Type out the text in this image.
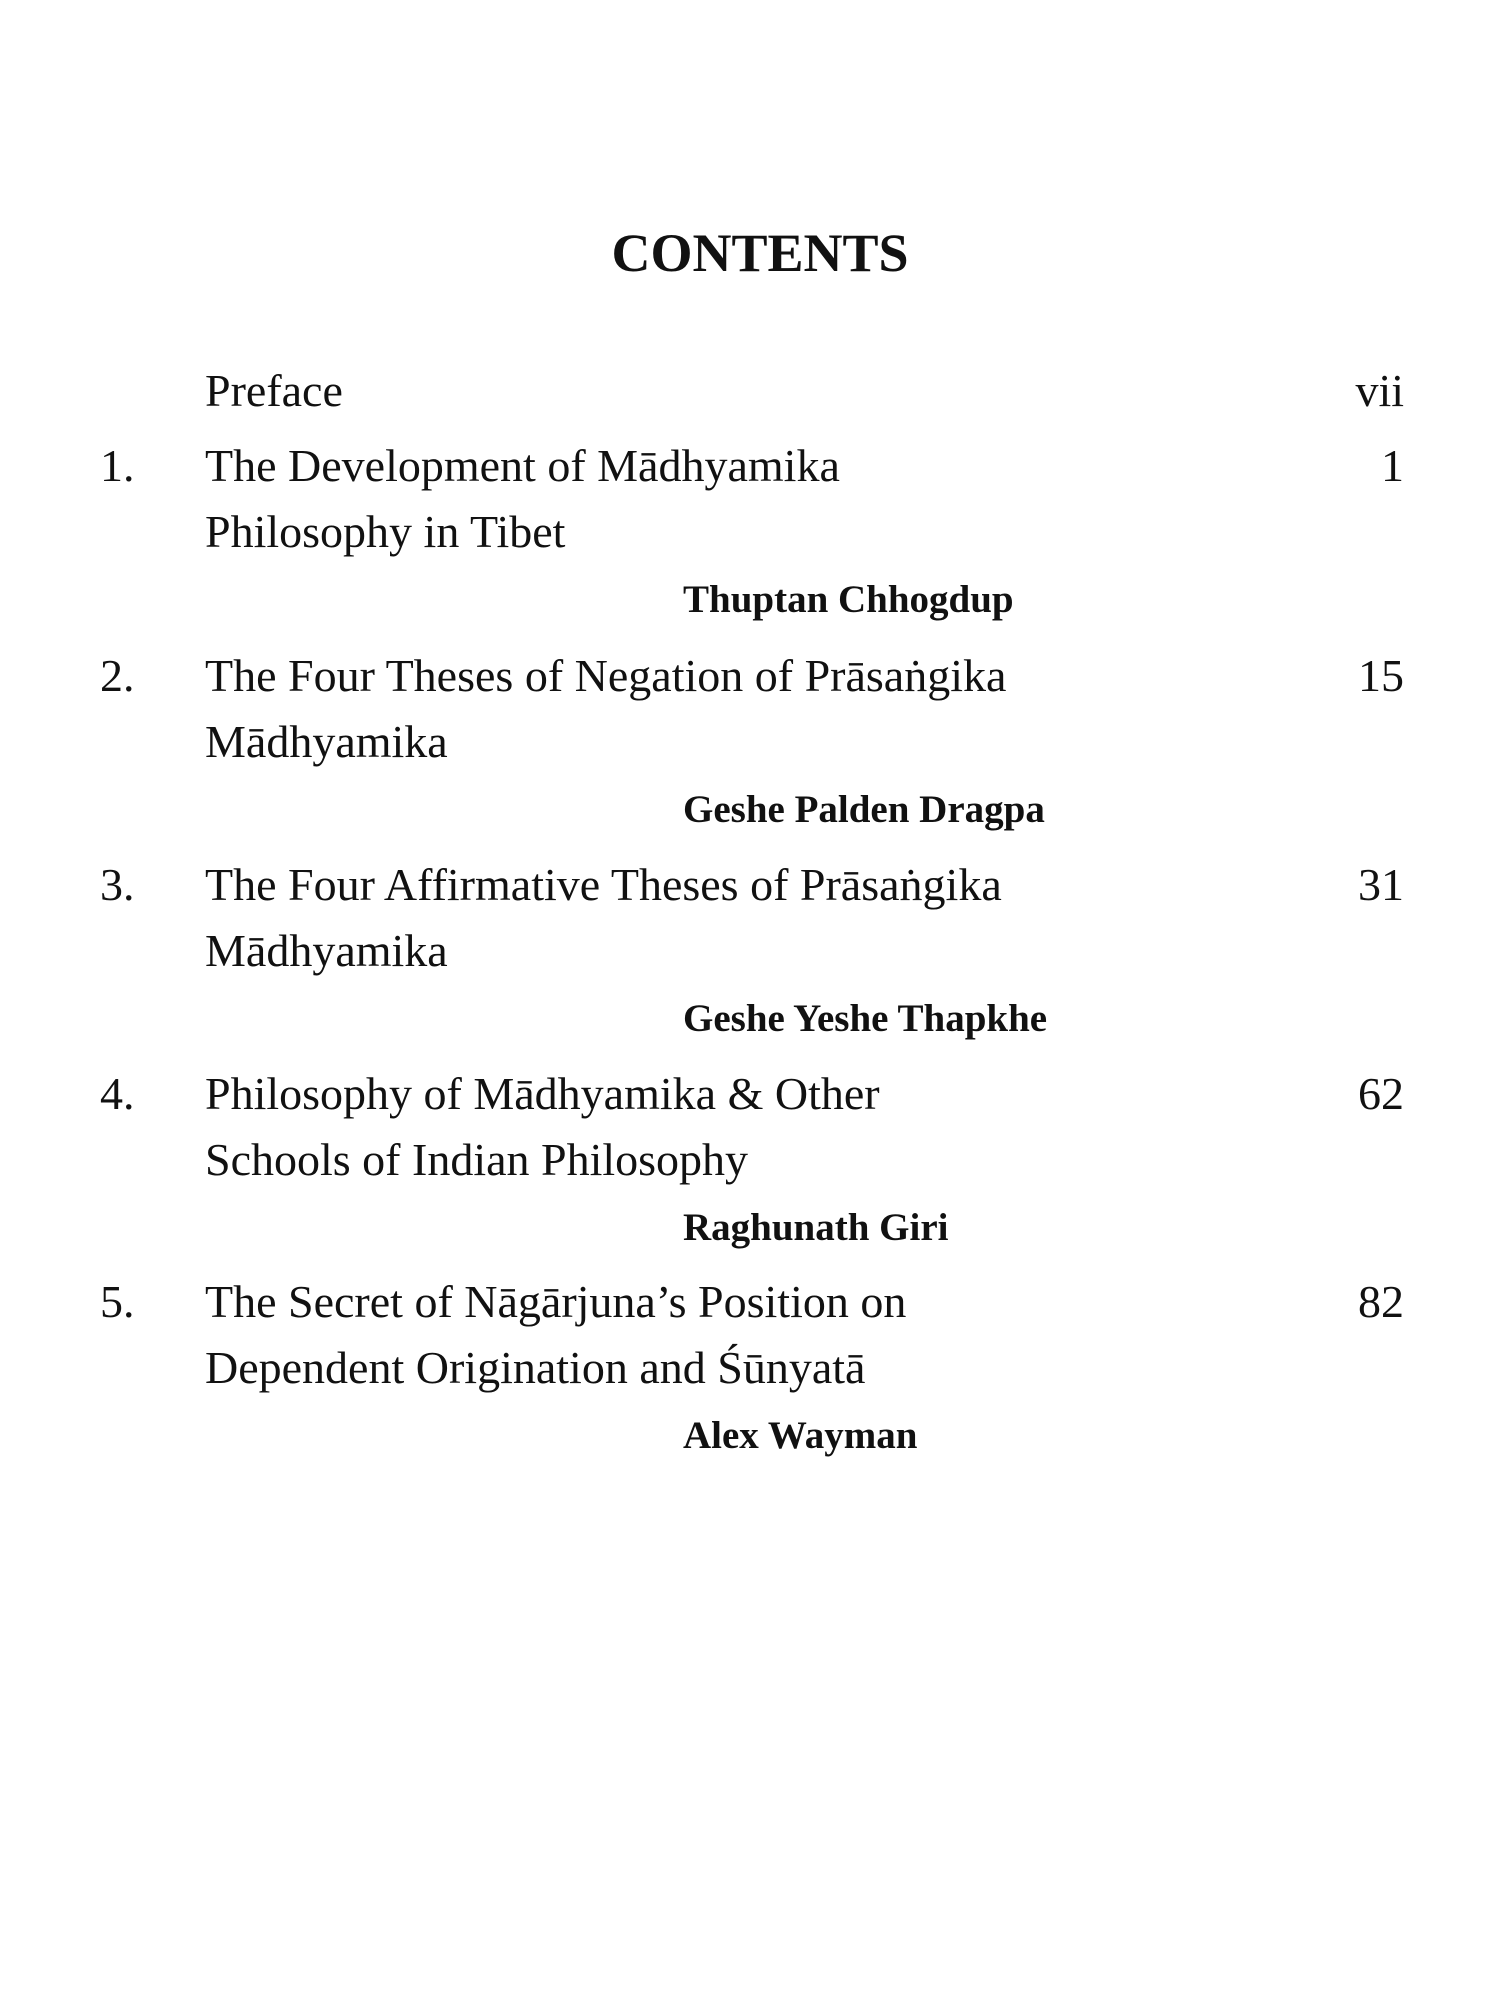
CONTENTS
Preface	vii
1. The Development of Mādhyamika
Philosophy in Tibet
1
Thuptan Chhogdup
2. The Four Theses of Negation of Prāsaṅgika
Mādhyamika
15
Geshe Palden Dragpa
3. The Four Affirmative Theses of Prāsaṅgika
Mādhyamika
31
Geshe Yeshe Thapkhe
4. Philosophy of Mādhyamika & Other
Schools of Indian Philosophy
62
Raghunath Giri
5. The Secret of Nāgārjuna’s Position on
Dependent Origination and Śūnyatā
82
Alex Wayman
